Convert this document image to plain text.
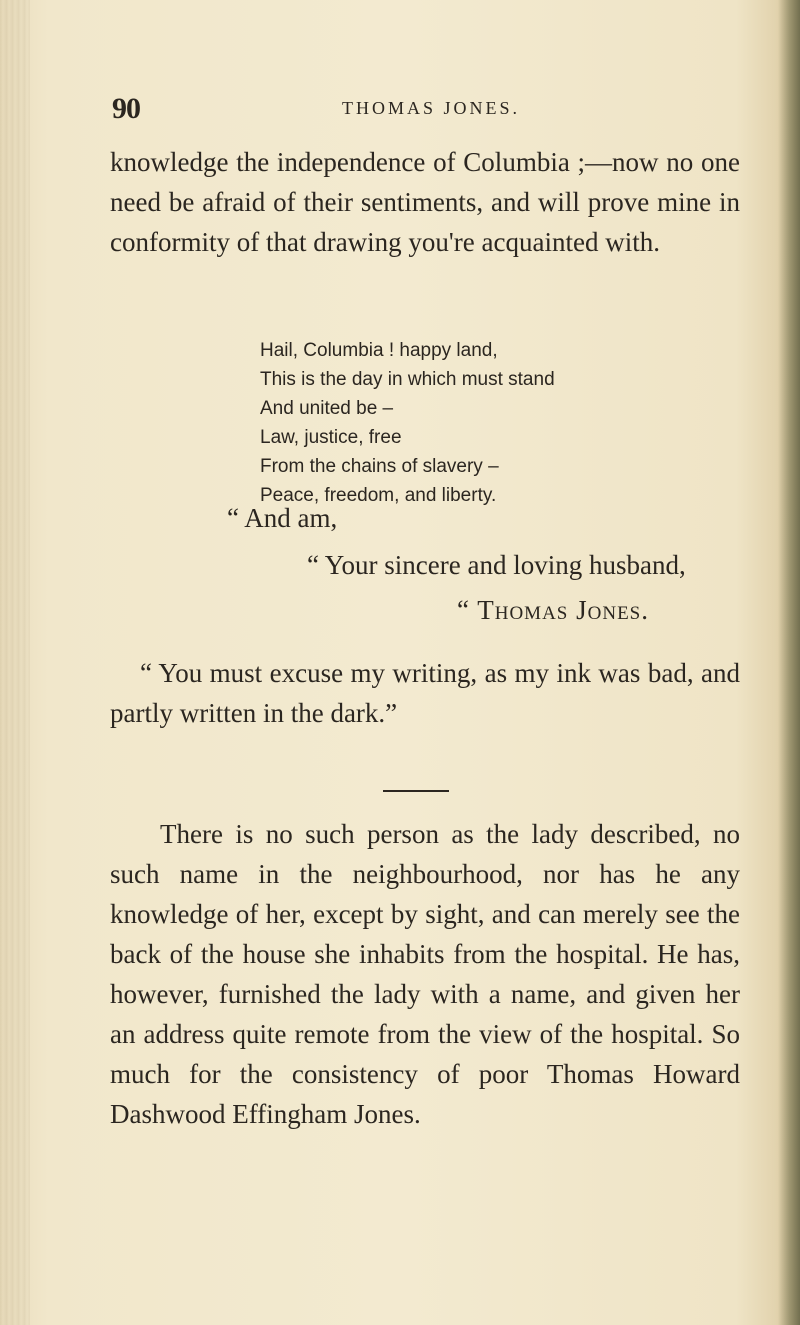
90	THOMAS JONES.

knowledge the independence of Columbia ;—now no one need be afraid of their sentiments, and will prove mine in conformity of that drawing you're acquainted with.

Hail, Columbia ! happy land,
This is the day in which must stand
And united be –
Law, justice, free
From the chains of slavery –
Peace, freedom, and liberty.
“ And am,
“ Your sincere and loving husband,
“ Thomas Jones.

“ You must excuse my writing, as my ink was bad, and partly written in the dark.”

There is no such person as the lady described, no such name in the neighbourhood, nor has he any knowledge of her, except by sight, and can merely see the back of the house she inhabits from the hospital. He has, however, furnished the lady with a name, and given her an address quite remote from the view of the hospital. So much for the consistency of poor Thomas Howard Dashwood Effingham Jones.
